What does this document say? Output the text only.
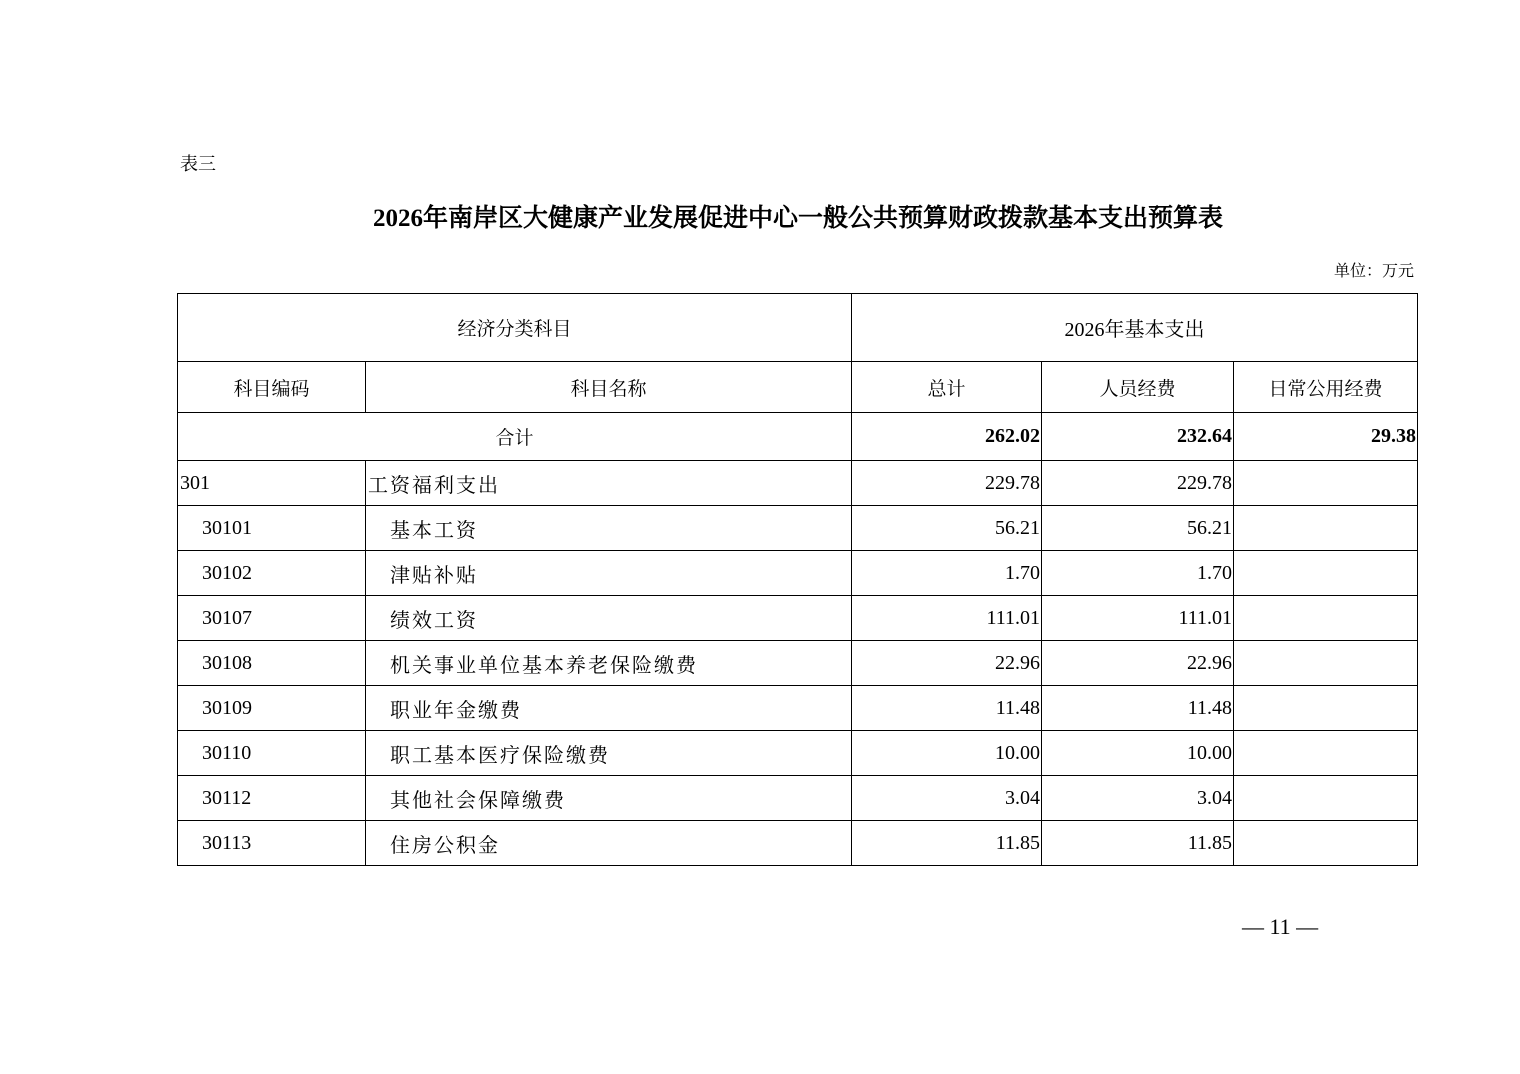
表三
2026年南岸区大健康产业发展促进中心一般公共预算财政拨款基本支出预算表
单位：万元
经济分类科目		2026年基本支出		
科目编码	科目名称	总计	人员经费	日常公用经费
合计		262.02	232.64	29.38
301	工资福利支出	229.78	229.78	
30101	基本工资	56.21	56.21	
30102	津贴补贴	1.70	1.70	
30107	绩效工资	111.01	111.01	
30108	机关事业单位基本养老保险缴费	22.96	22.96	
30109	职业年金缴费	11.48	11.48	
30110	职工基本医疗保险缴费	10.00	10.00	
30112	其他社会保障缴费	3.04	3.04	
30113	住房公积金	11.85	11.85	
— 11 —
